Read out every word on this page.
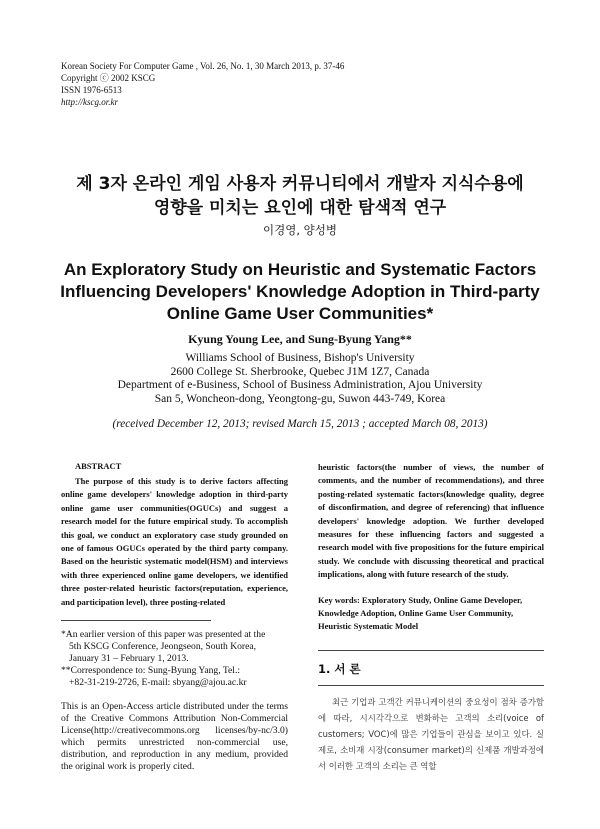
Korean Society For Computer Game , Vol. 26, No. 1, 30 March 2013, p. 37-46
Copyright ⓒ 2002 KSCG
ISSN 1976-6513
http://kscg.or.kr
제 3자 온라인 게임 사용자 커뮤니티에서 개발자 지식수용에
영향을 미치는 요인에 대한 탐색적 연구
이경영, 양성병
An Exploratory Study on Heuristic and Systematic Factors
Influencing Developers' Knowledge Adoption in Third-party
Online Game User Communities*
Kyung Young Lee, and Sung-Byung Yang**
Williams School of Business, Bishop's University
2600 College St. Sherbrooke, Quebec J1M 1Z7, Canada
Department of e-Business, School of Business Administration, Ajou University
San 5, Woncheon-dong, Yeongtong-gu, Suwon 443-749, Korea
(received December 12, 2013; revised March 15, 2013 ; accepted March 08, 2013)
ABSTRACT
The purpose of this study is to derive factors affecting online game developers' knowledge adoption in third-party online game user communities(OGUCs) and suggest a research model for the future empirical study. To accomplish this goal, we conduct an exploratory case study grounded on one of famous OGUCs operated by the third party company. Based on the heuristic systematic model(HSM) and interviews with three experienced online game developers, we identified three poster-related heuristic factors(reputation, experience, and participation level), three posting-related
*An earlier version of this paper was presented at the
5th KSCG Conference, Jeongseon, South Korea,
January 31 – February 1, 2013.
**Correspondence to: Sung-Byung Yang, Tel.:
+82-31-219-2726, E-mail: sbyang@ajou.ac.kr
This is an Open-Access article distributed under the terms of the Creative Commons Attribution Non-Commercial License(http://creativecommons.org licenses/by-nc/3.0) which permits unrestricted non-commercial use, distribution, and reproduction in any medium, provided the original work is properly cited.
heuristic factors(the number of views, the number of comments, and the number of recommendations), and three posting-related systematic factors(knowledge quality, degree of disconfirmation, and degree of referencing) that influence developers' knowledge adoption. We further developed measures for these influencing factors and suggested a research model with five propositions for the future empirical study. We conclude with discussing theoretical and practical implications, along with future research of the study.
Key words: Exploratory Study, Online Game Developer, Knowledge Adoption, Online Game User Community, Heuristic Systematic Model
1. 서 론
최근 기업과 고객간 커뮤니케이션의 중요성이 점차 증가함에 따라, 시시각각으로 변화하는 고객의 소리(voice of customers; VOC)에 많은 기업들이 관심을 보이고 있다. 실제로, 소비재 시장(consumer market)의 신제품 개발과정에서 이러한 고객의 소리는 큰 역할
